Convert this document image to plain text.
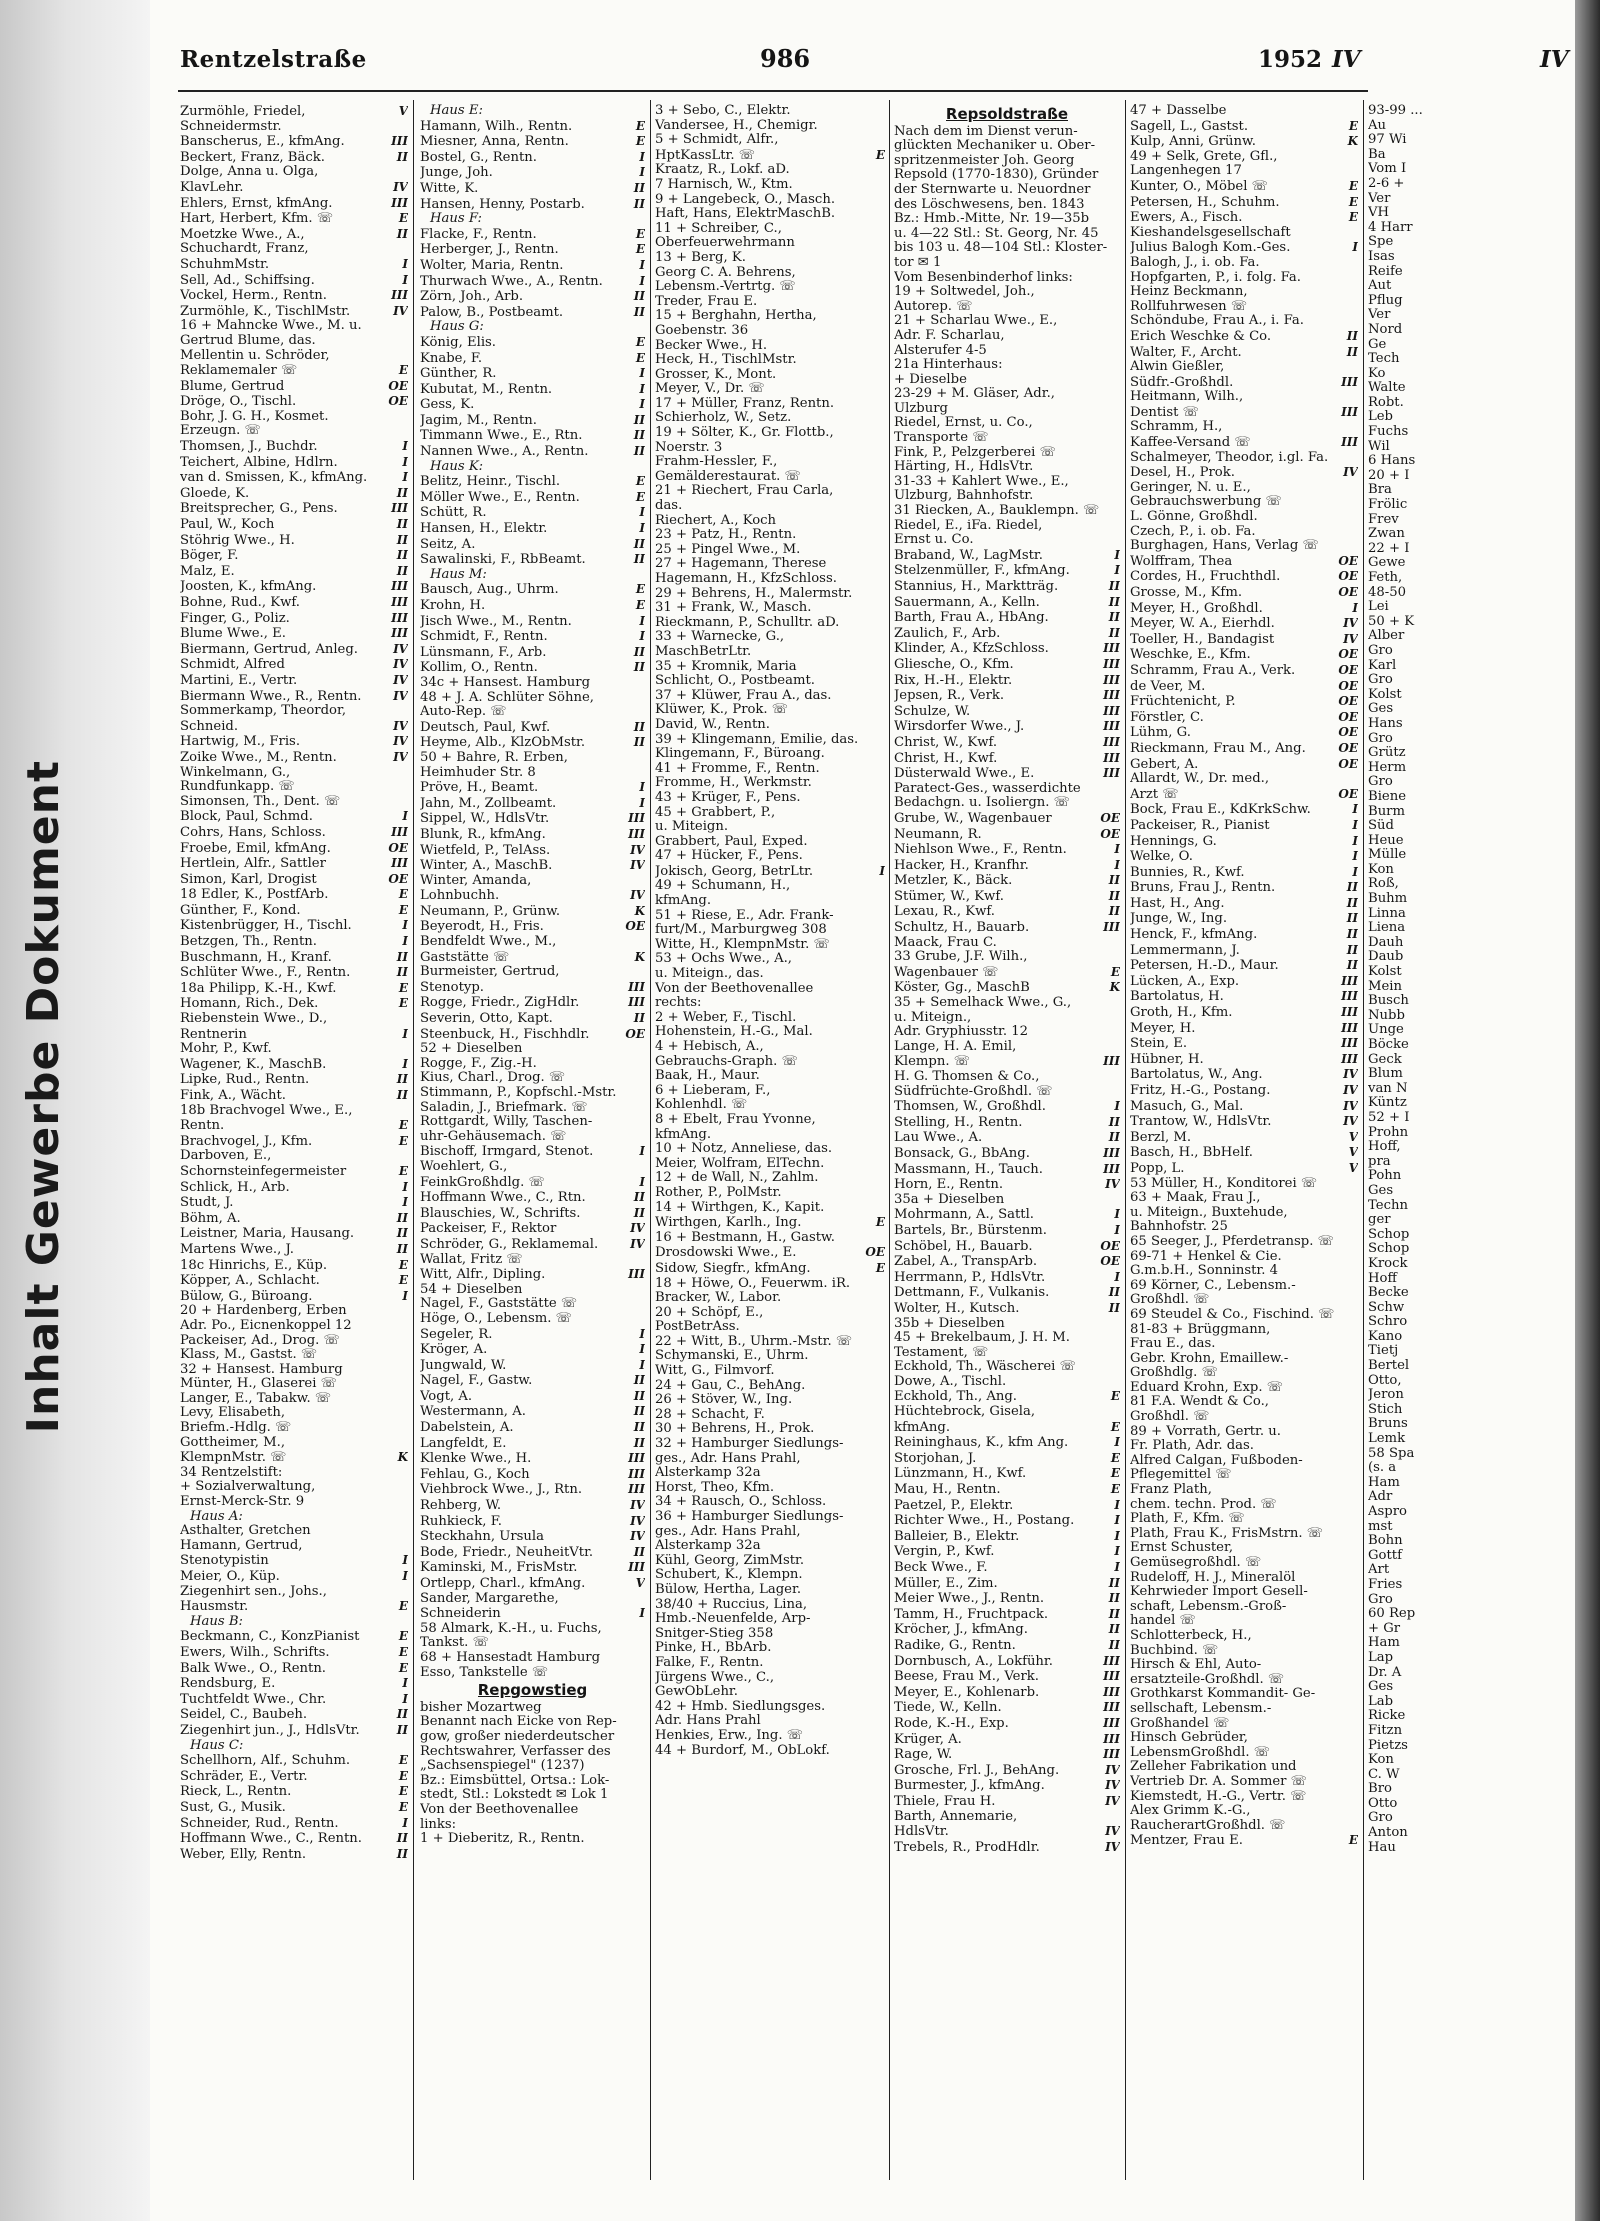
Inhalt Gewerbe Dokument
Rentzelstraße	986	1952 IV	IV
Zurmöhle, Friedel,	V
Schneidermstr.
Banscherus, E., kfmAng.	III
Beckert, Franz, Bäck.	II
Dolge, Anna u. Olga,
KlavLehr.	IV
Ehlers, Ernst, kfmAng.	III
Hart, Herbert, Kfm. ☏	E
Moetzke Wwe., A.,	II
Schuchardt, Franz,
SchuhmMstr.	I
Sell, Ad., Schiffsing.	I
Vockel, Herm., Rentn.	III
Zurmöhle, K., TischlMstr.	IV
16 + Mahncke Wwe., M. u.
Gertrud Blume, das.
Mellentin u. Schröder,
Reklamemaler ☏	E
Blume, Gertrud	OE
Dröge, O., Tischl.	OE
Bohr, J. G. H., Kosmet.
Erzeugn. ☏
Thomsen, J., Buchdr.	I
Teichert, Albine, Hdlrn.	I
van d. Smissen, K., kfmAng.	I
Gloede, K.	II
Breitsprecher, G., Pens.	III
Paul, W., Koch	II
Stöhrig Wwe., H.	II
Böger, F.	II
Malz, E.	II
Joosten, K., kfmAng.	III
Bohne, Rud., Kwf.	III
Finger, G., Poliz.	III
Blume Wwe., E.	III
Biermann, Gertrud, Anleg.	IV
Schmidt, Alfred	IV
Martini, E., Vertr.	IV
Biermann Wwe., R., Rentn.	IV
Sommerkamp, Theordor,
Schneid.	IV
Hartwig, M., Fris.	IV
Zoike Wwe., M., Rentn.	IV
Winkelmann, G.,
Rundfunkapp. ☏
Simonsen, Th., Dent. ☏
Block, Paul, Schmd.	I
Cohrs, Hans, Schloss.	III
Froebe, Emil, kfmAng.	OE
Hertlein, Alfr., Sattler	III
Simon, Karl, Drogist	OE
18 Edler, K., PostfArb.	E
Günther, F., Kond.	E
Kistenbrügger, H., Tischl.	I
Betzgen, Th., Rentn.	I
Buschmann, H., Kranf.	II
Schlüter Wwe., F., Rentn.	II
18a Philipp, K.-H., Kwf.	E
Homann, Rich., Dek.	E
Riebenstein Wwe., D.,
Rentnerin	I
Mohr, P., Kwf.
Wagener, K., MaschB.	I
Lipke, Rud., Rentn.	II
Fink, A., Wächt.	II
18b Brachvogel Wwe., E.,
Rentn.	E
Brachvogel, J., Kfm.	E
Darboven, E.,
Schornsteinfegermeister	E
Schlick, H., Arb.	I
Studt, J.	I
Böhm, A.	II
Leistner, Maria, Hausang.	II
Martens Wwe., J.	II
18c Hinrichs, E., Küp.	E
Köpper, A., Schlacht.	E
Bülow, G., Büroang.	I
20 + Hardenberg, Erben
Adr. Po., Eicnenkoppel 12
Packeiser, Ad., Drog. ☏
Klass, M., Gastst. ☏
32 + Hansest. Hamburg
Münter, H., Glaserei ☏
Langer, E., Tabakw. ☏
Levy, Elisabeth,
Briefm.-Hdlg. ☏
Gottheimer, M.,
KlempnMstr. ☏	K
34 Rentzelstift:
+ Sozialverwaltung,
Ernst-Merck-Str. 9
Haus A:
Asthalter, Gretchen
Hamann, Gertrud,
Stenotypistin	I
Meier, O., Küp.	I
Ziegenhirt sen., Johs.,
Hausmstr.	E
Haus B:
Beckmann, C., KonzPianist	E
Ewers, Wilh., Schrifts.	E
Balk Wwe., O., Rentn.	E
Rendsburg, E.	I
Tuchtfeldt Wwe., Chr.	I
Seidel, C., Baubeh.	II
Ziegenhirt jun., J., HdlsVtr.	II
Haus C:
Schellhorn, Alf., Schuhm.	E
Schräder, E., Vertr.	E
Rieck, L., Rentn.	E
Sust, G., Musik.	E
Schneider, Rud., Rentn.	I
Hoffmann Wwe., C., Rentn.	II
Weber, Elly, Rentn.	II
Haus E:
Hamann, Wilh., Rentn.	E
Miesner, Anna, Rentn.	E
Bostel, G., Rentn.	I
Junge, Joh.	I
Witte, K.	II
Hansen, Henny, Postarb.	II
Haus F:
Flacke, F., Rentn.	E
Herberger, J., Rentn.	E
Wolter, Maria, Rentn.	I
Thurwach Wwe., A., Rentn.	I
Zörn, Joh., Arb.	II
Palow, B., Postbeamt.	II
Haus G:
König, Elis.	E
Knabe, F.	E
Günther, R.	I
Kubutat, M., Rentn.	I
Gess, K.	I
Jagim, M., Rentn.	II
Timmann Wwe., E., Rtn.	II
Nannen Wwe., A., Rentn.	II
Haus K:
Belitz, Heinr., Tischl.	E
Möller Wwe., E., Rentn.	E
Schütt, R.	I
Hansen, H., Elektr.	I
Seitz, A.	II
Sawalinski, F., RbBeamt.	II
Haus M:
Bausch, Aug., Uhrm.	E
Krohn, H.	E
Jisch Wwe., M., Rentn.	I
Schmidt, F., Rentn.	I
Lünsmann, F., Arb.	II
Kollim, O., Rentn.	II
34c + Hansest. Hamburg
48 + J. A. Schlüter Söhne,
Auto-Rep. ☏
Deutsch, Paul, Kwf.	II
Heyme, Alb., KlzObMstr.	II
50 + Bahre, R. Erben,
Heimhuder Str. 8
Pröve, H., Beamt.	I
Jahn, M., Zollbeamt.	I
Sippel, W., HdlsVtr.	III
Blunk, R., kfmAng.	III
Wietfeld, P., TelAss.	IV
Winter, A., MaschB.	IV
Winter, Amanda,
Lohnbuchh.	IV
Neumann, P., Grünw.	K
Beyerodt, H., Fris.	OE
Bendfeldt Wwe., M.,
Gaststätte ☏	K
Burmeister, Gertrud,
Stenotyp.	III
Rogge, Friedr., ZigHdlr.	III
Severin, Otto, Kapt.	II
Steenbuck, H., Fischhdlr.	OE
52 + Dieselben
Rogge, F., Zig.-H.
Kius, Charl., Drog. ☏
Stimmann, P., Kopfschl.-Mstr.
Saladin, J., Briefmark. ☏
Rottgardt, Willy, Taschen-
uhr-Gehäusemach. ☏
Bischoff, Irmgard, Stenot.	I
Woehlert, G.,
FeinkGroßhdlg. ☏	I
Hoffmann Wwe., C., Rtn.	II
Blauschies, W., Schrifts.	II
Packeiser, F., Rektor	IV
Schröder, G., Reklamemal.	IV
Wallat, Fritz ☏
Witt, Alfr., Dipling.	III
54 + Dieselben
Nagel, F., Gaststätte ☏
Höge, O., Lebensm. ☏
Segeler, R.	I
Kröger, A.	I
Jungwald, W.	I
Nagel, F., Gastw.	II
Vogt, A.	II
Westermann, A.	II
Dabelstein, A.	II
Langfeldt, E.	II
Klenke Wwe., H.	III
Fehlau, G., Koch	III
Viehbrock Wwe., J., Rtn.	III
Rehberg, W.	IV
Ruhkieck, F.	IV
Steckhahn, Ursula	IV
Bode, Friedr., NeuheitVtr.	II
Kaminski, M., FrisMstr.	III
Ortlepp, Charl., kfmAng.	V
Sander, Margarethe,
Schneiderin	I
58 Almark, K.-H., u. Fuchs,
Tankst. ☏
68 + Hansestadt Hamburg
Esso, Tankstelle ☏
Repgowstieg
bisher Mozartweg
Benannt nach Eicke von Rep-
gow, großer niederdeutscher
Rechtswahrer, Verfasser des
„Sachsenspiegel" (1237)
Bz.: Eimsbüttel, Ortsa.: Lok-
stedt, Stl.: Lokstedt ✉ Lok 1
Von der Beethovenallee
links:
1 + Dieberitz, R., Rentn.
3 + Sebo, C., Elektr.
Vandersee, H., Chemigr.
5 + Schmidt, Alfr.,
HptKassLtr. ☏	E
Kraatz, R., Lokf. aD.
7 Harnisch, W., Ktm.
9 + Langebeck, O., Masch.
Haft, Hans, ElektrMaschB.
11 + Schreiber, C.,
Oberfeuerwehrmann
13 + Berg, K.
Georg C. A. Behrens,
Lebensm.-Vertrtg. ☏
Treder, Frau E.
15 + Berghahn, Hertha,
Goebenstr. 36
Becker Wwe., H.
Heck, H., TischlMstr.
Grosser, K., Mont.
Meyer, V., Dr. ☏
17 + Müller, Franz, Rentn.
Schierholz, W., Setz.
19 + Sölter, K., Gr. Flottb.,
Noerstr. 3
Frahm-Hessler, F.,
Gemälderestaurat. ☏
21 + Riechert, Frau Carla,
das.
Riechert, A., Koch
23 + Patz, H., Rentn.
25 + Pingel Wwe., M.
27 + Hagemann, Therese
Hagemann, H., KfzSchloss.
29 + Behrens, H., Malermstr.
31 + Frank, W., Masch.
Rieckmann, P., Schulltr. aD.
33 + Warnecke, G.,
MaschBetrLtr.
35 + Kromnik, Maria
Schlicht, O., Postbeamt.
37 + Klüwer, Frau A., das.
Klüwer, K., Prok. ☏
David, W., Rentn.
39 + Klingemann, Emilie, das.
Klingemann, F., Büroang.
41 + Fromme, F., Rentn.
Fromme, H., Werkmstr.
43 + Krüger, F., Pens.
45 + Grabbert, P.,
u. Miteign.
Grabbert, Paul, Exped.
47 + Hücker, F., Pens.
Jokisch, Georg, BetrLtr.	I
49 + Schumann, H.,
kfmAng.
51 + Riese, E., Adr. Frank-
furt/M., Marburgweg 308
Witte, H., KlempnMstr. ☏
53 + Ochs Wwe., A.,
u. Miteign., das.
Von der Beethovenallee
rechts:
2 + Weber, F., Tischl.
Hohenstein, H.-G., Mal.
4 + Hebisch, A.,
Gebrauchs-Graph. ☏
Baak, H., Maur.
6 + Lieberam, F.,
Kohlenhdl. ☏
8 + Ebelt, Frau Yvonne,
kfmAng.
10 + Notz, Anneliese, das.
Meier, Wolfram, ElTechn.
12 + de Wall, N., Zahlm.
Rother, P., PolMstr.
14 + Wirthgen, K., Kapit.
Wirthgen, Karlh., Ing.	E
16 + Bestmann, H., Gastw.
Drosdowski Wwe., E.	OE
Sidow, Siegfr., kfmAng.	E
18 + Höwe, O., Feuerwm. iR.
Bracker, W., Labor.
20 + Schöpf, E.,
PostBetrAss.
22 + Witt, B., Uhrm.-Mstr. ☏
Schymanski, E., Uhrm.
Witt, G., Filmvorf.
24 + Gau, C., BehAng.
26 + Stöver, W., Ing.
28 + Schacht, F.
30 + Behrens, H., Prok.
32 + Hamburger Siedlungs-
ges., Adr. Hans Prahl,
Alsterkamp 32a
Horst, Theo, Kfm.
34 + Rausch, O., Schloss.
36 + Hamburger Siedlungs-
ges., Adr. Hans Prahl,
Alsterkamp 32a
Kühl, Georg, ZimMstr.
Schubert, K., Klempn.
Bülow, Hertha, Lager.
38/40 + Ruccius, Lina,
Hmb.-Neuenfelde, Arp-
Snitger-Stieg 358
Pinke, H., BbArb.
Falke, F., Rentn.
Jürgens Wwe., C.,
GewObLehr.
42 + Hmb. Siedlungsges.
Adr. Hans Prahl
Henkies, Erw., Ing. ☏
44 + Burdorf, M., ObLokf.
Repsoldstraße
Nach dem im Dienst verun-
glückten Mechaniker u. Ober-
spritzenmeister Joh. Georg
Repsold (1770-1830), Gründer
der Sternwarte u. Neuordner
des Löschwesens, ben. 1843
Bz.: Hmb.-Mitte, Nr. 19—35b
u. 4—22 Stl.: St. Georg, Nr. 45
bis 103 u. 48—104 Stl.: Kloster-
tor ✉ 1
Vom Besenbinderhof links:
19 + Soltwedel, Joh.,
Autorep. ☏
21 + Scharlau Wwe., E.,
Adr. F. Scharlau,
Alsterufer 4-5
21a Hinterhaus:
+ Dieselbe
23-29 + M. Gläser, Adr.,
Ulzburg
Riedel, Ernst, u. Co.,
Transporte ☏
Fink, P., Pelzgerberei ☏
Härting, H., HdlsVtr.
31-33 + Kahlert Wwe., E.,
Ulzburg, Bahnhofstr.
31 Riecken, A., Bauklempn. ☏
Riedel, E., iFa. Riedel,
Ernst u. Co.
Braband, W., LagMstr.	I
Stelzenmüller, F., kfmAng.	I
Stannius, H., Marktträg.	II
Sauermann, A., Kelln.	II
Barth, Frau A., HbAng.	II
Zaulich, F., Arb.	II
Klinder, A., KfzSchloss.	III
Gliesche, O., Kfm.	III
Rix, H.-H., Elektr.	III
Jepsen, R., Verk.	III
Schulze, W.	III
Wirsdorfer Wwe., J.	III
Christ, W., Kwf.	III
Christ, H., Kwf.	III
Düsterwald Wwe., E.	III
Paratect-Ges., wasserdichte
Bedachgn. u. Isoliergn. ☏
Grube, W., Wagenbauer	OE
Neumann, R.	OE
Niehlson Wwe., F., Rentn.	I
Hacker, H., Kranfhr.	I
Metzler, K., Bäck.	II
Stümer, W., Kwf.	II
Lexau, R., Kwf.	II
Schultz, H., Bauarb.	III
Maack, Frau C.
33 Grube, J.F. Wilh.,
Wagenbauer ☏	E
Köster, Gg., MaschB	K
35 + Semelhack Wwe., G.,
u. Miteign.,
Adr. Gryphiusstr. 12
Lange, H. A. Emil,
Klempn. ☏	III
H. G. Thomsen & Co.,
Südfrüchte-Großhdl. ☏
Thomsen, W., Großhdl.	I
Stelling, H., Rentn.	II
Lau Wwe., A.	II
Bonsack, G., BbAng.	III
Massmann, H., Tauch.	III
Horn, E., Rentn.	IV
35a + Dieselben
Mohrmann, A., Sattl.	I
Bartels, Br., Bürstenm.	I
Schöbel, H., Bauarb.	OE
Zabel, A., TranspArb.	OE
Herrmann, P., HdlsVtr.	I
Dettmann, F., Vulkanis.	II
Wolter, H., Kutsch.	II
35b + Dieselben
45 + Brekelbaum, J. H. M.
Testament, ☏
Eckhold, Th., Wäscherei ☏
Dowe, A., Tischl.
Eckhold, Th., Ang.	E
Hüchtebrock, Gisela,
kfmAng.	E
Reininghaus, K., kfm Ang.	I
Storjohan, J.	E
Lünzmann, H., Kwf.	E
Mau, H., Rentn.	E
Paetzel, P., Elektr.	I
Richter Wwe., H., Postang.	I
Balleier, B., Elektr.	I
Vergin, P., Kwf.	I
Beck Wwe., F.	I
Müller, E., Zim.	II
Meier Wwe., J., Rentn.	II
Tamm, H., Fruchtpack.	II
Kröcher, J., kfmAng.	II
Radike, G., Rentn.	II
Dornbusch, A., Lokführ.	III
Beese, Frau M., Verk.	III
Meyer, E., Kohlenarb.	III
Tiede, W., Kelln.	III
Rode, K.-H., Exp.	III
Krüger, A.	III
Rage, W.	III
Grosche, Frl. J., BehAng.	IV
Burmester, J., kfmAng.	IV
Thiele, Frau H.	IV
Barth, Annemarie,
HdlsVtr.	IV
Trebels, R., ProdHdlr.	IV
47 + Dasselbe
Sagell, L., Gastst.	E
Kulp, Anni, Grünw.	K
49 + Selk, Grete, Gfl.,
Langenhegen 17
Kunter, O., Möbel ☏	E
Petersen, H., Schuhm.	E
Ewers, A., Fisch.	E
Kieshandelsgesellschaft
Julius Balogh Kom.-Ges.	I
Balogh, J., i. ob. Fa.
Hopfgarten, P., i. folg. Fa.
Heinz Beckmann,
Rollfuhrwesen ☏
Schöndube, Frau A., i. Fa.
Erich Weschke & Co.	II
Walter, F., Archt.	II
Alwin Gießler,
Südfr.-Großhdl.	III
Heitmann, Wilh.,
Dentist ☏	III
Schramm, H.,
Kaffee-Versand ☏	III
Schalmeyer, Theodor, i.gl. Fa.
Desel, H., Prok.	IV
Geringer, N. u. E.,
Gebrauchswerbung ☏
L. Gönne, Großhdl.
Czech, P., i. ob. Fa.
Burghagen, Hans, Verlag ☏
Wolffram, Thea	OE
Cordes, H., Fruchthdl.	OE
Grosse, M., Kfm.	OE
Meyer, H., Großhdl.	I
Meyer, W. A., Eierhdl.	IV
Toeller, H., Bandagist	IV
Weschke, E., Kfm.	OE
Schramm, Frau A., Verk.	OE
de Veer, M.	OE
Früchtenicht, P.	OE
Förstler, C.	OE
Lühm, G.	OE
Rieckmann, Frau M., Ang.	OE
Gebert, A.	OE
Allardt, W., Dr. med.,
Arzt ☏	OE
Bock, Frau E., KdKrkSchw.	I
Packeiser, R., Pianist	I
Hennings, G.	I
Welke, O.	I
Bunnies, R., Kwf.	I
Bruns, Frau J., Rentn.	II
Hast, H., Ang.	II
Junge, W., Ing.	II
Henck, F., kfmAng.	II
Lemmermann, J.	II
Petersen, H.-D., Maur.	II
Lücken, A., Exp.	III
Bartolatus, H.	III
Groth, H., Kfm.	III
Meyer, H.	III
Stein, E.	III
Hübner, H.	III
Bartolatus, W., Ang.	IV
Fritz, H.-G., Postang.	IV
Masuch, G., Mal.	IV
Trantow, W., HdlsVtr.	IV
Berzl, M.	V
Basch, H., BbHelf.	V
Popp, L.	V
53 Müller, H., Konditorei ☏
63 + Maak, Frau J.,
u. Miteign., Buxtehude,
Bahnhofstr. 25
65 Seeger, J., Pferdetransp. ☏
69-71 + Henkel & Cie.
G.m.b.H., Sonninstr. 4
69 Körner, C., Lebensm.-
Großhdl. ☏
69 Steudel & Co., Fischind. ☏
81-83 + Brüggmann,
Frau E., das.
Gebr. Krohn, Emaillew.-
Großhdlg. ☏
Eduard Krohn, Exp. ☏
81 F.A. Wendt & Co.,
Großhdl. ☏
89 + Vorrath, Gertr. u.
Fr. Plath, Adr. das.
Alfred Calgan, Fußboden-
Pflegemittel ☏
Franz Plath,
chem. techn. Prod. ☏
Plath, F., Kfm. ☏
Plath, Frau K., FrisMstrn. ☏
Ernst Schuster,
Gemüsegroßhdl. ☏
Rudeloff, H. J., Mineralöl
Kehrwieder Import Gesell-
schaft, Lebensm.-Groß-
handel ☏
Schlotterbeck, H.,
Buchbind. ☏
Hirsch & Ehl, Auto-
ersatzteile-Großhdl. ☏
Grothkarst Kommandit- Ge-
sellschaft, Lebensm.-
Großhandel ☏
Hinsch Gebrüder,
LebensmGroßhdl. ☏
Zelleher Fabrikation und
Vertrieb Dr. A. Sommer ☏
Kiemstedt, H.-G., Vertr. ☏
Alex Grimm K.-G.,
RaucherartGroßhdl. ☏
Mentzer, Frau E.	E
93-99 ...
Au
97 Wi
Ba
Vom I
2-6 +
Ver
VH
4 Harr
Spe
Isas
Reife
Aut
Pflug
Ver
Nord
Ge
Tech
Ko
Walte
Robt.
Leb
Fuchs
Wil
6 Hans
20 + I
Bra
Frölic
Frev
Zwan
22 + I
Gewe
Feth,
48-50
Lei
50 + K
Alber
Gro
Karl
Gro
Kolst
Ges
Hans
Gro
Grütz
Herm
Gro
Biene
Burm
Süd
Heue
Mülle
Kon
Roß,
Buhm
Linna
Liena
Dauh
Daub
Kolst
Mein
Busch
Nubb
Unge
Böcke
Geck
Blum
van N
Küntz
52 + I
Prohn
Hoff,
pra
Pohn
Ges
Techn
ger
Schop
Schop
Krock
Hoff
Becke
Schw
Schro
Kano
Tietj
Bertel
Otto,
Jeron
Stich
Bruns
Lemk
58 Spa
(s. a
Ham
Adr
Aspro
mst
Bohn
Gottf
Art
Fries
Gro
60 Rep
+ Gr
Ham
Lap
Dr. A
Ges
Lab
Ricke
Fitzn
Pietzs
Kon
C. W
Bro
Otto
Gro
Anton
Hau
